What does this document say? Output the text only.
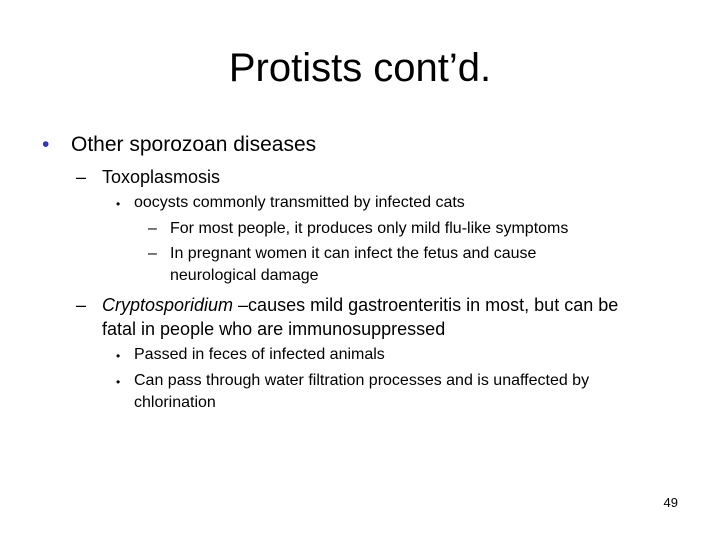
Protists cont’d.
• Other sporozoan diseases
– Toxoplasmosis
• oocysts commonly transmitted by infected cats
– For most people, it produces only mild flu-like symptoms
– In pregnant women it can infect the fetus and cause
neurological damage
– Cryptosporidium –causes mild gastroenteritis in most, but can be
fatal in people who are immunosuppressed
• Passed in feces of infected animals
• Can pass through water filtration processes and is unaffected by
chlorination
49
